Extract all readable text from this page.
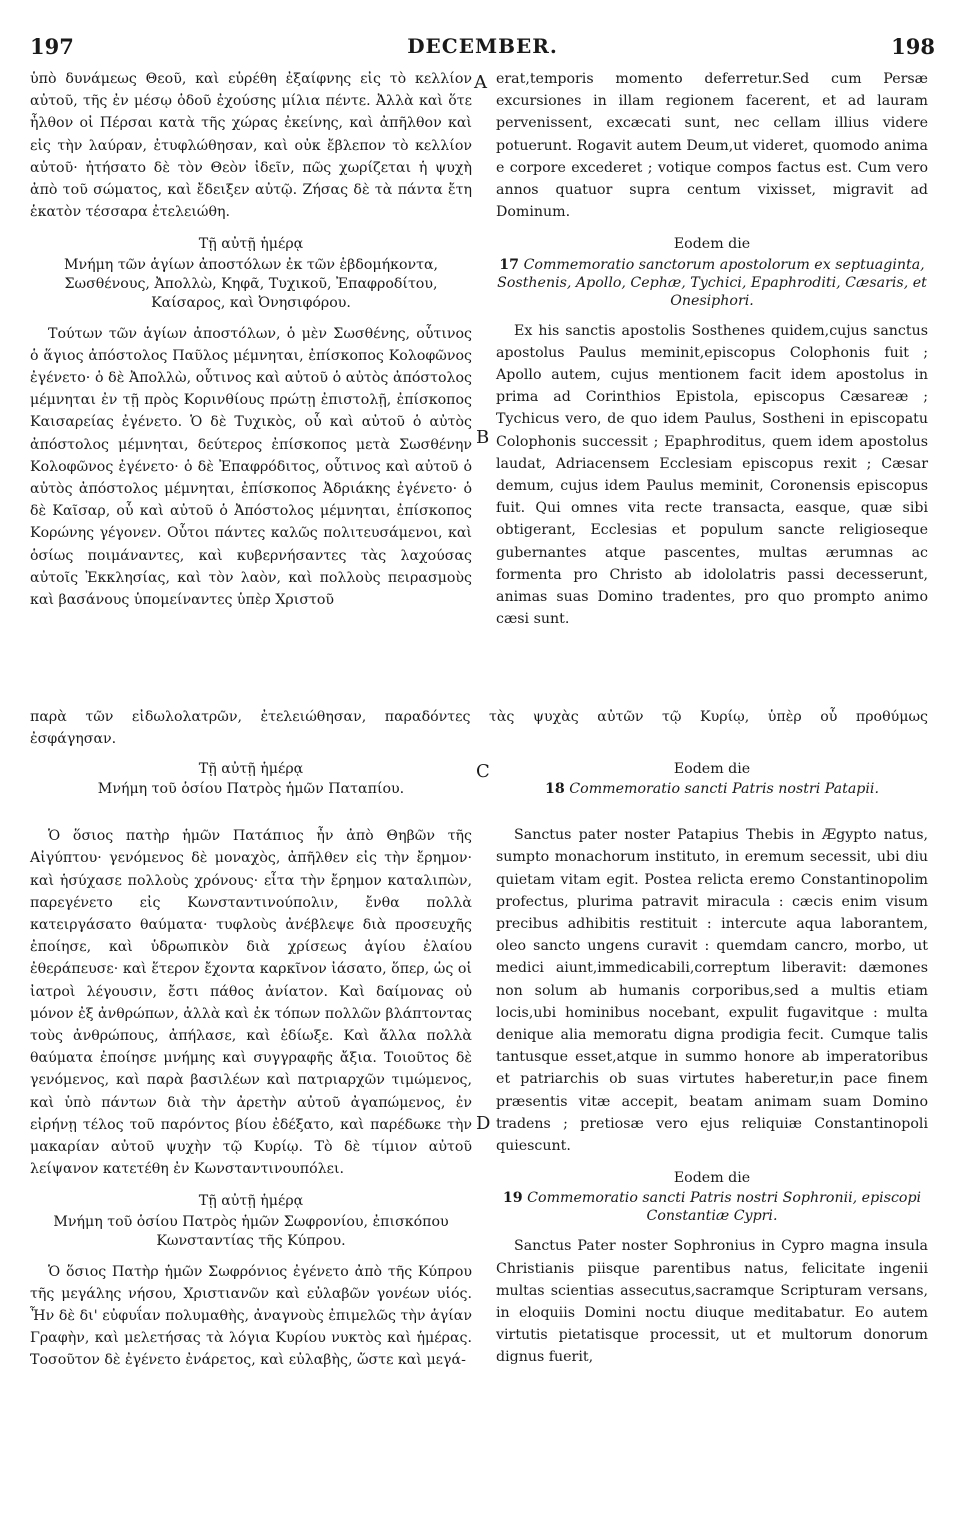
197	DECEMBER.	198

ὑπὸ δυνάμεως Θεοῦ, καὶ εὑρέθη ἐξαίφνης εἰς τὸ κελλίον αὐτοῦ, τῆς ἐν μέσῳ ὁδοῦ ἐχούσης μίλια πέντε. Ἀλλὰ καὶ ὅτε ἦλθον οἱ Πέρσαι κατὰ τῆς χώρας ἐκείνης, καὶ ἀπῆλθον καὶ εἰς τὴν λαύραν, ἐτυφλώθησαν, καὶ οὐκ ἔβλεπον τὸ κελλίον αὐτοῦ· ἠτήσατο δὲ τὸν Θεὸν ἰδεῖν, πῶς χωρίζεται ἡ ψυχὴ ἀπὸ τοῦ σώματος, καὶ ἔδειξεν αὐτῷ. Ζήσας δὲ τὰ πάντα ἔτη ἑκατὸν τέσσαρα ἐτελειώθη.

Τῇ αὐτῇ ἡμέρᾳ

Μνήμη τῶν ἁγίων ἀποστόλων ἐκ τῶν ἑβδομήκοντα, Σωσθένους, Ἀπολλὼ, Κηφᾶ, Τυχικοῦ, Ἐπαφροδίτου, Καίσαρος, καὶ Ὀνησιφόρου.

Τούτων τῶν ἁγίων ἀποστόλων, ὁ μὲν Σωσθένης, οὗτινος ὁ ἅγιος ἀπόστολος Παῦλος μέμνηται, ἐπίσκοπος Κολοφῶνος ἐγένετο· ὁ δὲ Ἀπολλὼ, οὗτινος καὶ αὐτοῦ ὁ αὐτὸς ἀπόστολος μέμνηται ἐν τῇ πρὸς Κορινθίους πρώτῃ ἐπιστολῇ, ἐπίσκοπος Καισαρείας ἐγένετο. Ὁ δὲ Τυχικὸς, οὗ καὶ αὐτοῦ ὁ αὐτὸς ἀπόστολος μέμνηται, δεύτερος ἐπίσκοπος μετὰ Σωσθένην Κολοφῶνος ἐγένετο· ὁ δὲ Ἐπαφρόδιτος, οὗτινος καὶ αὐτοῦ ὁ αὐτὸς ἀπόστολος μέμνηται, ἐπίσκοπος Ἀδριάκης ἐγένετο· ὁ δὲ Καῖσαρ, οὗ καὶ αὐτοῦ ὁ Ἀπόστολος μέμνηται, ἐπίσκοπος Κορώνης γέγονεν. Οὗτοι πάντες καλῶς πολιτευσάμενοι, καὶ ὁσίως ποιμάναντες, καὶ κυβερνήσαντες τὰς λαχούσας αὐτοῖς Ἐκκλησίας, καὶ τὸν λαὸν, καὶ πολλοὺς πειρασμοὺς καὶ βασάνους ὑπομείναντες ὑπὲρ Χριστοῦ

παρὰ τῶν εἰδωλολατρῶν, ἐτελειώθησαν, παραδόντες τὰς ψυχὰς αὐτῶν τῷ Κυρίῳ, ὑπὲρ οὗ προθύμως
ἐσφάγησαν.

Τῇ αὐτῇ ἡμέρᾳ

Μνήμη τοῦ ὁσίου Πατρὸς ἡμῶν Παταπίου.

Ὁ ὅσιος πατὴρ ἡμῶν Πατάπιος ἦν ἀπὸ Θηβῶν τῆς Αἰγύπτου· γενόμενος δὲ μοναχὸς, ἀπῆλθεν εἰς τὴν ἔρημον· καὶ ἡσύχασε πολλοὺς χρόνους· εἶτα τὴν ἔρημον καταλιπὼν, παρεγένετο εἰς Κωνσταντινούπολιν, ἔνθα πολλὰ κατειργάσατο θαύματα· τυφλοὺς ἀνέβλεψε διὰ προσευχῆς ἐποίησε, καὶ ὑδρωπικὸν διὰ χρίσεως ἁγίου ἐλαίου ἐθεράπευσε· καὶ ἕτερον ἔχοντα καρκῖνον ἰάσατο, ὅπερ, ὡς οἱ ἰατροὶ λέγουσιν, ἔστι πάθος ἀνίατον. Καὶ δαίμονας οὐ μόνον ἐξ ἀνθρώπων, ἀλλὰ καὶ ἐκ τόπων πολλῶν βλάπτοντας τοὺς ἀνθρώπους, ἀπήλασε, καὶ ἐδίωξε. Καὶ ἄλλα πολλὰ θαύματα ἐποίησε μνήμης καὶ συγγραφῆς ἄξια. Τοιοῦτος δὲ γενόμενος, καὶ παρὰ βασιλέων καὶ πατριαρχῶν τιμώμενος, καὶ ὑπὸ πάντων διὰ τὴν ἀρετὴν αὐτοῦ ἀγαπώμενος, ἐν εἰρήνῃ τέλος τοῦ παρόντος βίου ἐδέξατο, καὶ παρέδωκε τὴν μακαρίαν αὐτοῦ ψυχὴν τῷ Κυρίῳ. Τὸ δὲ τίμιον αὐτοῦ λείψανον κατετέθη ἐν Κωνσταντινουπόλει.

Τῇ αὐτῇ ἡμέρᾳ

Μνήμη τοῦ ὁσίου Πατρὸς ἡμῶν Σωφρονίου, ἐπισκόπου Κωνσταντίας τῆς Κύπρου.

Ὁ ὅσιος Πατὴρ ἡμῶν Σωφρόνιος ἐγένετο ἀπὸ τῆς Κύπρου τῆς μεγάλης νήσου, Χριστιανῶν καὶ εὐλαβῶν γονέων υἱός. Ἦν δὲ δι' εὐφυΐαν πολυμαθὴς, ἀναγνοὺς ἐπιμελῶς τὴν ἁγίαν Γραφὴν, καὶ μελετήσας τὰ λόγια Κυρίου νυκτὸς καὶ ἡμέρας. Τοσοῦτον δὲ ἐγένετο ἐνάρετος, καὶ εὐλαβὴς, ὥστε καὶ μεγά-

erat,temporis momento deferretur.Sed cum Persæ excursiones in illam regionem facerent, et ad lauram pervenissent, excæcati sunt, nec cellam illius videre potuerunt. Rogavit autem Deum,ut videret, quomodo anima e corpore excederet ; votique compos factus est. Cum vero annos quatuor supra centum vixisset, migravit ad Dominum.

Eodem die

17 Commemoratio sanctorum apostolorum ex septuaginta, Sosthenis, Apollo, Cephæ, Tychici, Epaphroditi, Cæsaris, et Onesiphori.

Ex his sanctis apostolis Sosthenes quidem,cujus sanctus apostolus Paulus meminit,episcopus Colophonis fuit ; Apollo autem, cujus mentionem facit idem apostolus in prima ad Corinthios Epistola, episcopus Cæsareæ ; Tychicus vero, de quo idem Paulus, Sostheni in episcopatu Colophonis successit ; Epaphroditus, quem idem apostolus laudat, Adriacensem Ecclesiam episcopus rexit ; Cæsar demum, cujus idem Paulus meminit, Coronensis episcopus fuit. Qui omnes vita recte transacta, easque, quæ sibi obtigerant, Ecclesias et populum sancte religioseque gubernantes atque pascentes, multas ærumnas ac formenta pro Christo ab idololatris passi decesserunt, animas suas Domino tradentes, pro quo prompto animo cæsi sunt.

Eodem die

18 Commemoratio sancti Patris nostri Patapii.

Sanctus pater noster Patapius Thebis in Ægypto natus, sumpto monachorum instituto, in eremum secessit, ubi diu quietam vitam egit. Postea relicta eremo Constantinopolim profectus, plurima patravit miracula : cæcis enim visum precibus adhibitis restituit : intercute aqua laborantem, oleo sancto ungens curavit : quemdam cancro, morbo, ut medici aiunt,immedicabili,correptum liberavit: dæmones non solum ab humanis corporibus,sed a multis etiam locis,ubi hominibus nocebant, expulit fugavitque : multa denique alia memoratu digna prodigia fecit. Cumque talis tantusque esset,atque in summo honore ab imperatoribus et patriarchis ob suas virtutes haberetur,in pace finem præsentis vitæ accepit, beatam animam suam Domino tradens ; pretiosæ vero ejus reliquiæ Constantinopoli quiescunt.

Eodem die

19 Commemoratio sancti Patris nostri Sophronii, episcopi Constantiæ Cypri.

Sanctus Pater noster Sophronius in Cypro magna insula Christianis piisque parentibus natus, felicitate ingenii multas scientias assecutus,sacramque Scripturam versans, in eloquiis Domini noctu diuque meditabatur. Eo autem virtutis pietatisque processit, ut et multorum donorum dignus fuerit,

A
B
C
D
